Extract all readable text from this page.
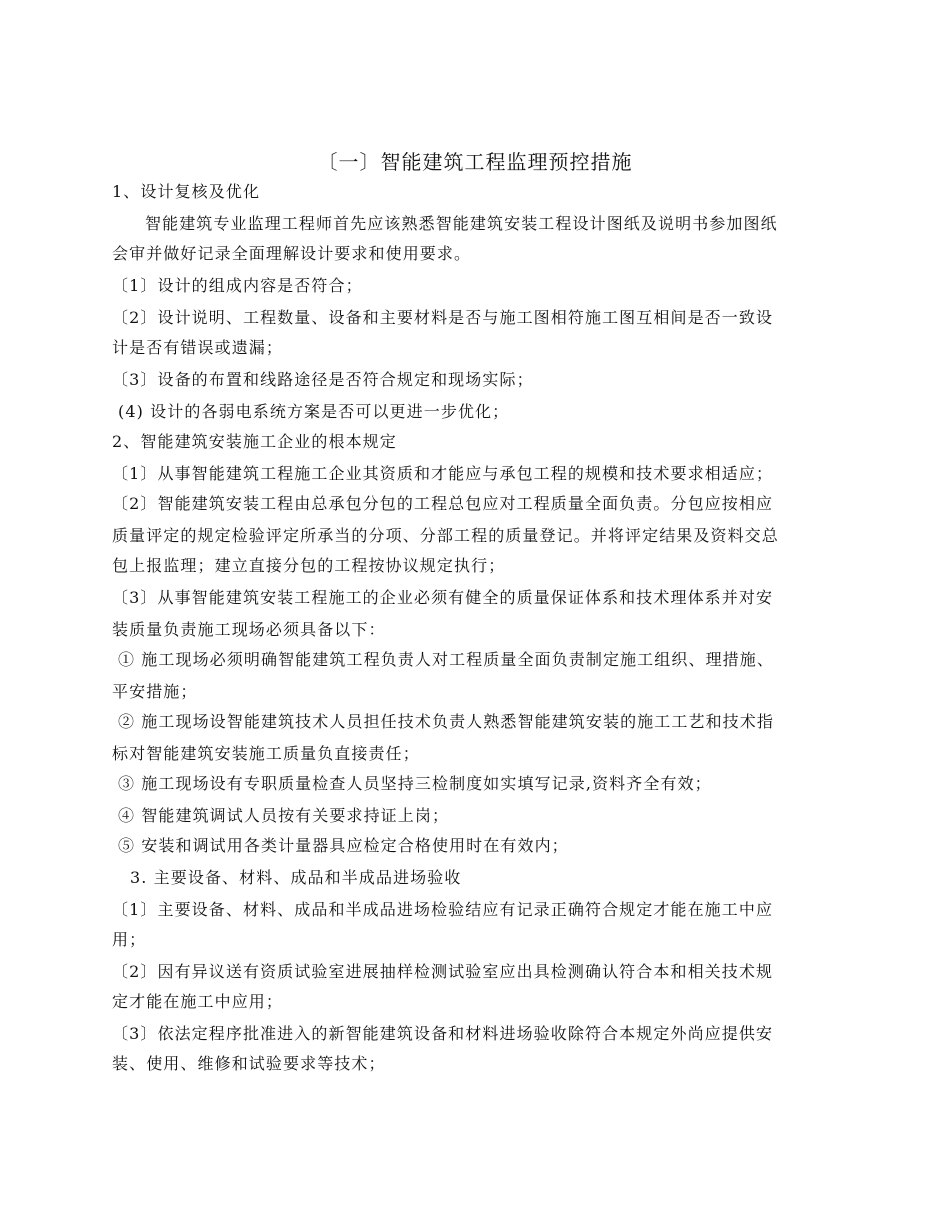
〔一〕智能建筑工程监理预控措施
1、设计复核及优化
智能建筑专业监理工程师首先应该熟悉智能建筑安装工程设计图纸及说明书参加图纸
会审并做好记录全面理解设计要求和使用要求。
〔1〕设计的组成内容是否符合；
〔2〕设计说明、工程数量、设备和主要材料是否与施工图相符施工图互相间是否一致设
计是否有错误或遗漏；
〔3〕设备的布置和线路途径是否符合规定和现场实际；
(4) 设计的各弱电系统方案是否可以更进一步优化；
2、智能建筑安装施工企业的根本规定
〔1〕从事智能建筑工程施工企业其资质和才能应与承包工程的规模和技术要求相适应；
〔2〕智能建筑安装工程由总承包分包的工程总包应对工程质量全面负责。分包应按相应
质量评定的规定检验评定所承当的分项、分部工程的质量登记。并将评定结果及资料交总
包上报监理；建立直接分包的工程按协议规定执行；
〔3〕从事智能建筑安装工程施工的企业必须有健全的质量保证体系和技术理体系并对安
装质量负责施工现场必须具备以下：
① 施工现场必须明确智能建筑工程负责人对工程质量全面负责制定施工组织、理措施、
平安措施；
② 施工现场设智能建筑技术人员担任技术负责人熟悉智能建筑安装的施工工艺和技术指
标对智能建筑安装施工质量负直接责任；
③ 施工现场设有专职质量检查人员坚持三检制度如实填写记录,资料齐全有效；
④ 智能建筑调试人员按有关要求持证上岗；
⑤ 安装和调试用各类计量器具应检定合格使用时在有效内；
3. 主要设备、材料、成品和半成品进场验收
〔1〕主要设备、材料、成品和半成品进场检验结应有记录正确符合规定才能在施工中应
用；
〔2〕因有异议送有资质试验室进展抽样检测试验室应出具检测确认符合本和相关技术规
定才能在施工中应用；
〔3〕依法定程序批准进入的新智能建筑设备和材料进场验收除符合本规定外尚应提供安
装、使用、维修和试验要求等技术；
